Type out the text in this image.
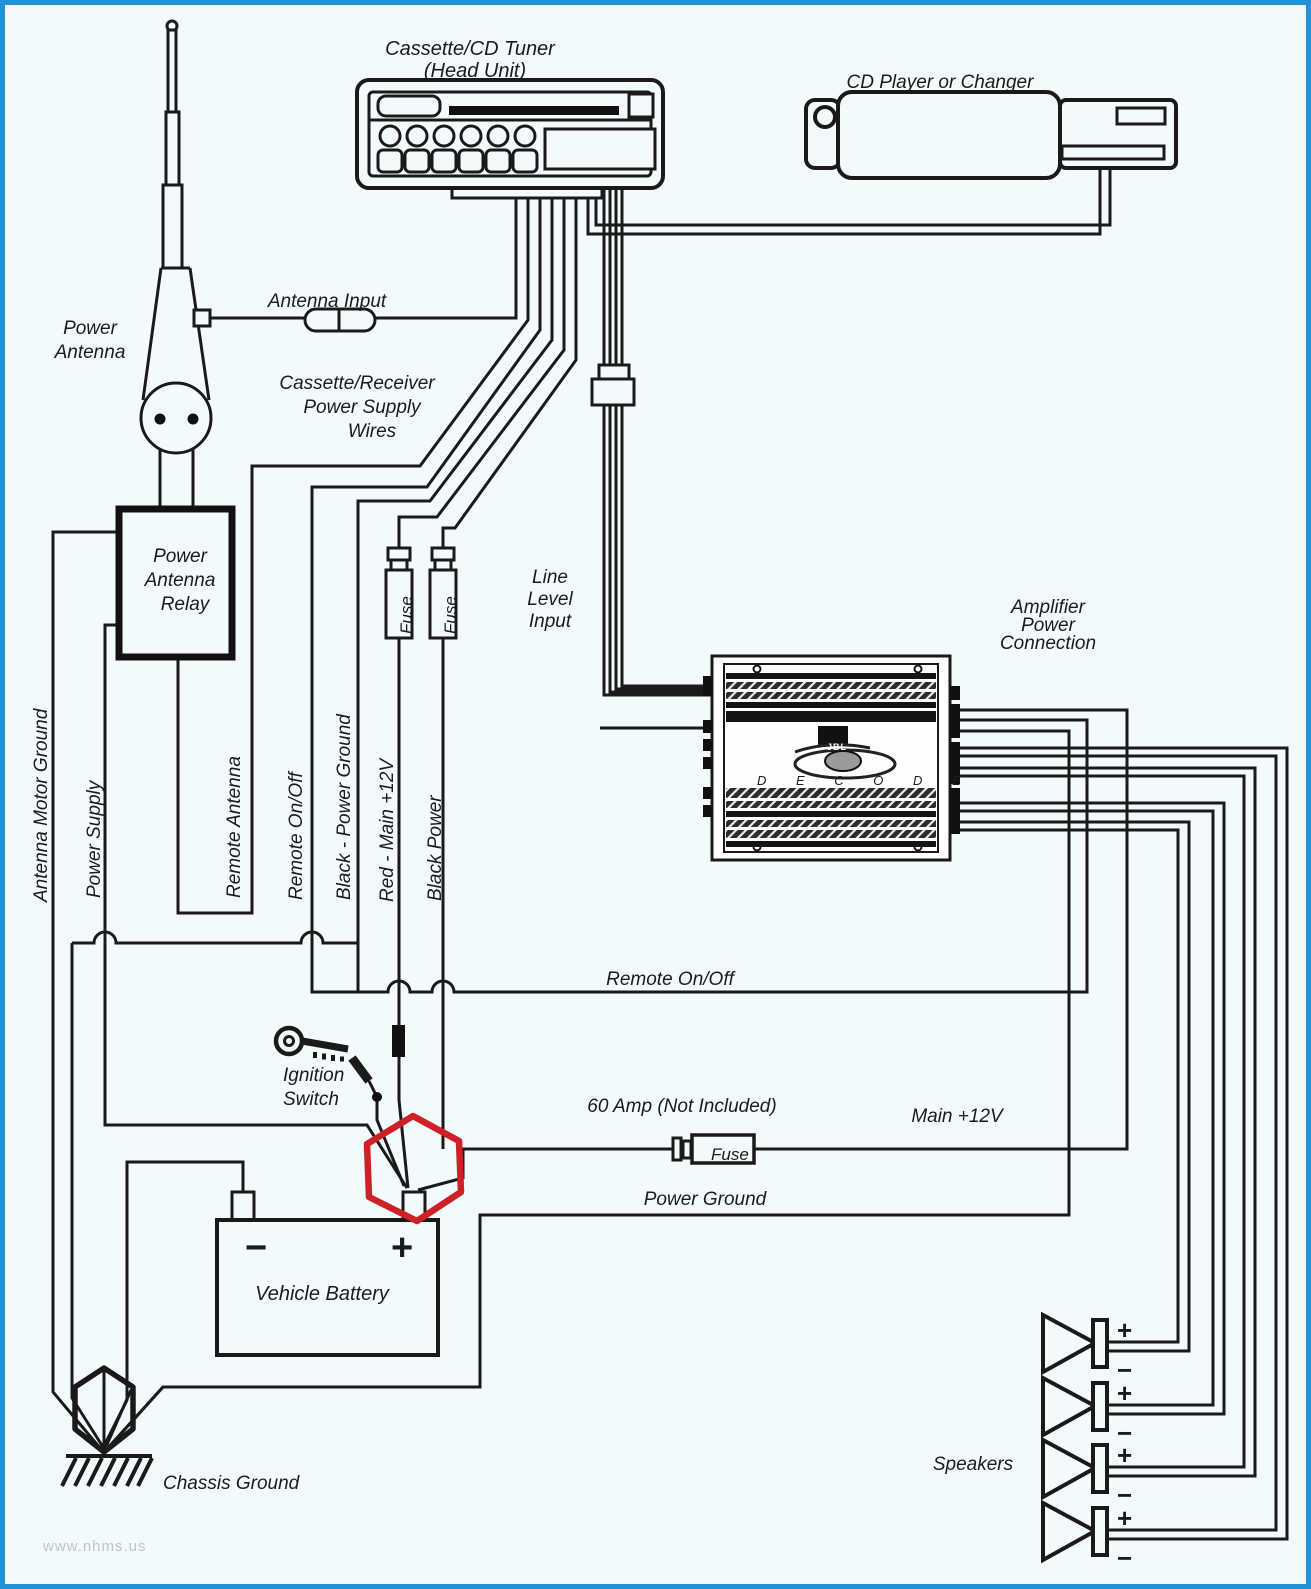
Cassette/CD Tuner
(Head Unit)
CD Player or Changer
Antenna Input
Power
Antenna
Cassette/Receiver
Power Supply
Wires
Power
Antenna
Relay
Line
Level
Input
Amplifier
Power
Connection
JBL
D E C O D E
Antenna Motor Ground Power Supply	Remote Antenna Remote On/Off Black - Power Ground Red - Main +12V Black Power
Fuse Fuse
Fuse
Remote On/Off
60 Amp (Not Included)	Main +12V
Power Ground
Ignition
Switch
−	+
Vehicle Battery
Speakers
+
−
+
−
+
−
+
−
Chassis Ground
www.nhms.us
